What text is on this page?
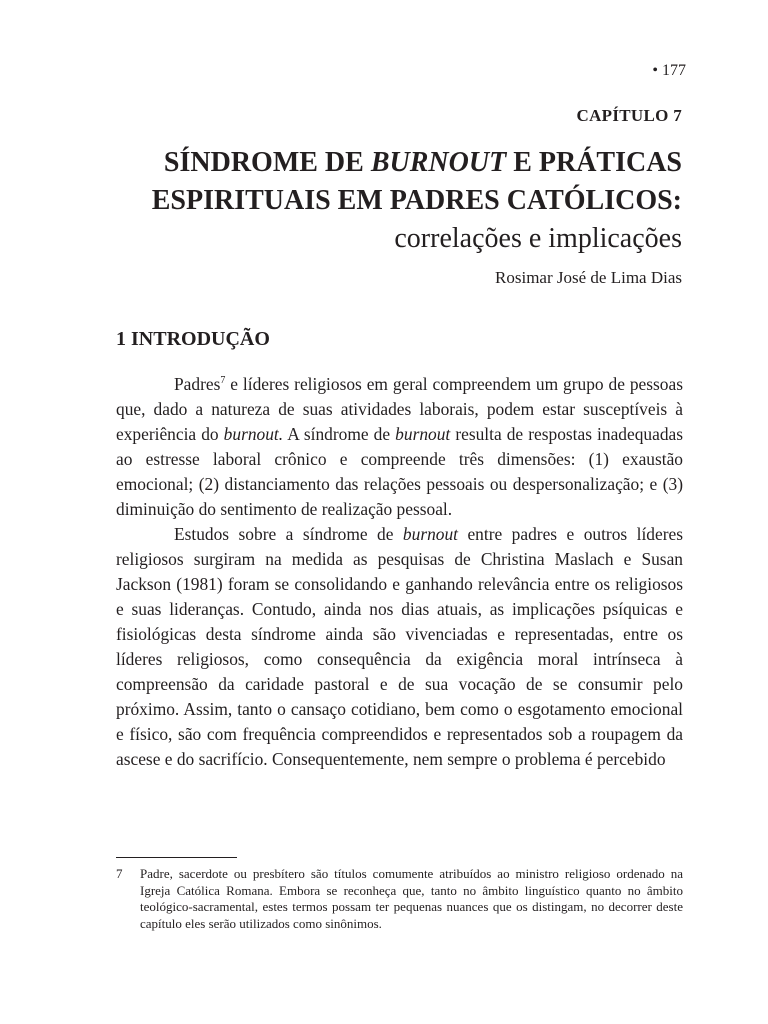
• 177
CAPÍTULO 7
SÍNDROME DE BURNOUT E PRÁTICAS ESPIRITUAIS EM PADRES CATÓLICOS: correlações e implicações
Rosimar José de Lima Dias
1 INTRODUÇÃO

Padres$^7$ e líderes religiosos em geral compreendem um grupo de pessoas que, dado a natureza de suas atividades laborais, podem estar susceptíveis à experiência do burnout. A síndrome de burnout resulta de respostas inadequadas ao estresse laboral crônico e compreende três dimensões: (1) exaustão emocional; (2) distanciamento das relações pessoais ou despersonalização; e (3) diminuição do sentimento de realização pessoal.

Estudos sobre a síndrome de burnout entre padres e outros líderes religiosos surgiram na medida as pesquisas de Christina Maslach e Susan Jackson (1981) foram se consolidando e ganhando relevância entre os religiosos e suas lideranças. Contudo, ainda nos dias atuais, as implicações psíquicas e fisiológicas desta síndrome ainda são vivenciadas e representadas, entre os líderes religiosos, como consequência da exigência moral intrínseca à compreensão da caridade pastoral e de sua vocação de se consumir pelo próximo. Assim, tanto o cansaço cotidiano, bem como o esgotamento emocional e físico, são com frequência compreendidos e representados sob a roupagem da ascese e do sacrifício. Consequentemente, nem sempre o problema é percebido

7 Padre, sacerdote ou presbítero são títulos comumente atribuídos ao ministro religioso ordenado na Igreja Católica Romana. Embora se reconheça que, tanto no âmbito linguístico quanto no âmbito teológico-sacramental, estes termos possam ter pequenas nuances que os distingam, no decorrer deste capítulo eles serão utilizados como sinônimos.
